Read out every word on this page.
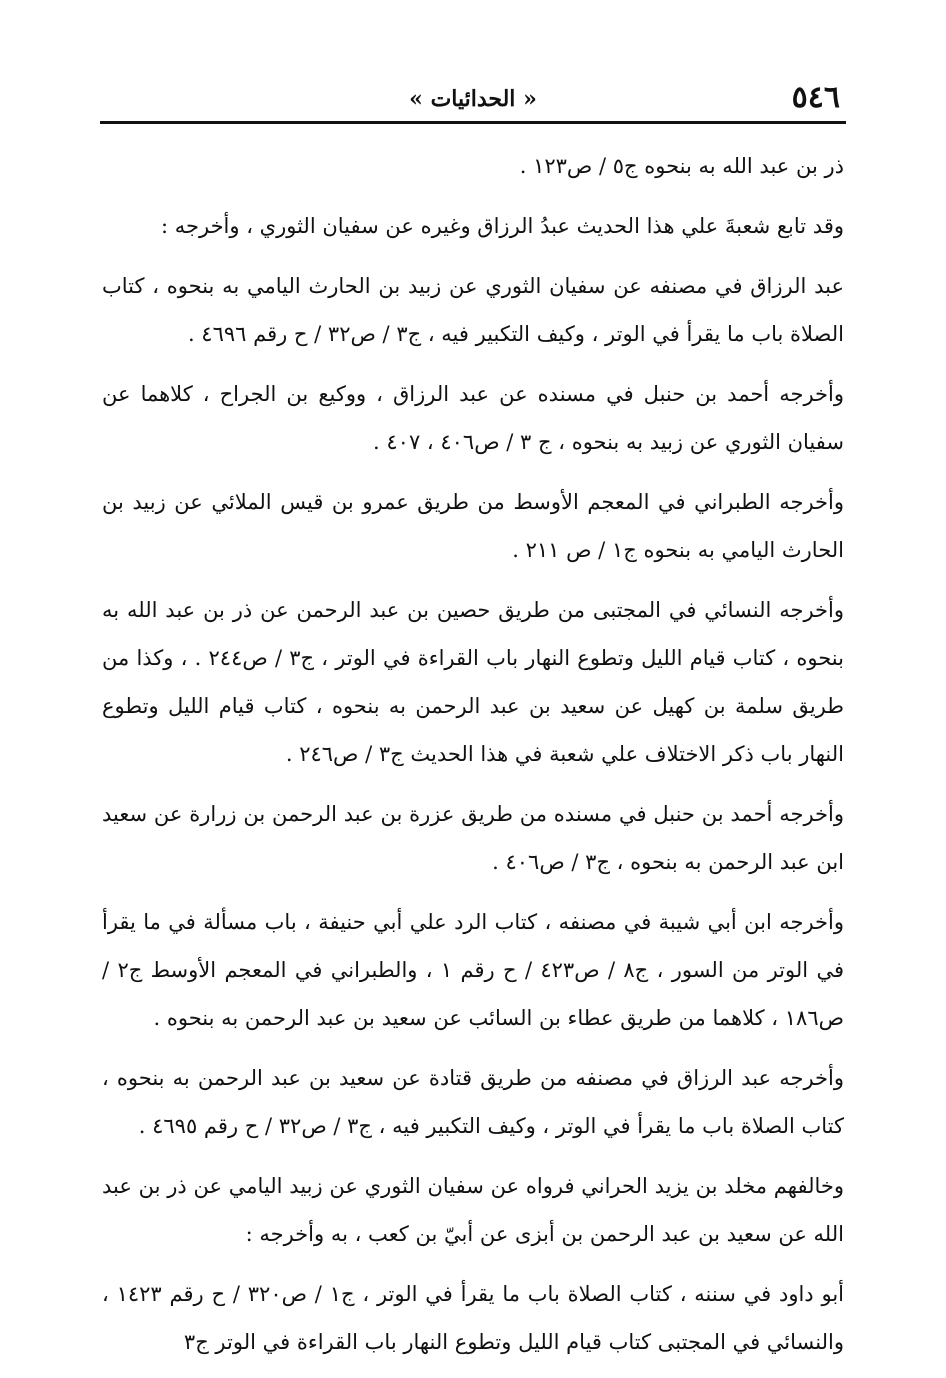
٥٤٦
« الحدائيات »

ذر بن عبد الله به بنحوه ج٥ / ص١٢٣ .

وقد تابع شعبةَ علي هذا الحديث عبدُ الرزاق وغيره عن سفيان الثوري ، وأخرجه :

عبد الرزاق في مصنفه عن سفيان الثوري عن زبيد بن الحارث اليامي به بنحوه ، كتاب الصلاة باب ما يقرأ في الوتر ، وكيف التكبير فيه ، ج٣ / ص٣٢ / ح رقم ٤٦٩٦ .

وأخرجه أحمد بن حنبل في مسنده عن عبد الرزاق ، ووكيع بن الجراح ، كلاهما عن سفيان الثوري عن زبيد به بنحوه ، ج ٣ / ص٤٠٦ ، ٤٠٧ .

وأخرجه الطبراني في المعجم الأوسط من طريق عمرو بن قيس الملائي عن زبيد بن الحارث اليامي به بنحوه ج١ / ص ٢١١ .

وأخرجه النسائي في المجتبى من طريق حصين بن عبد الرحمن عن ذر بن عبد الله به بنحوه ، كتاب قيام الليل وتطوع النهار باب القراءة في الوتر ، ج٣ / ص٢٤٤ . ، وكذا من طريق سلمة بن كهيل عن سعيد بن عبد الرحمن به بنحوه ، كتاب قيام الليل وتطوع النهار باب ذكر الاختلاف علي شعبة في هذا الحديث ج٣ / ص٢٤٦ .

وأخرجه أحمد بن حنبل في مسنده من طريق عزرة بن عبد الرحمن بن زرارة عن سعيد ابن عبد الرحمن به بنحوه ، ج٣ / ص٤٠٦ .

وأخرجه ابن أبي شيبة في مصنفه ، كتاب الرد علي أبي حنيفة ، باب مسألة في ما يقرأ في الوتر من السور ، ج٨ / ص٤٢٣ / ح رقم ١ ، والطبراني في المعجم الأوسط ج٢ / ص١٨٦ ، كلاهما من طريق عطاء بن السائب عن سعيد بن عبد الرحمن به بنحوه .

وأخرجه عبد الرزاق في مصنفه من طريق قتادة عن سعيد بن عبد الرحمن به بنحوه ، كتاب الصلاة باب ما يقرأ في الوتر ، وكيف التكبير فيه ، ج٣ / ص٣٢ / ح رقم ٤٦٩٥ .

وخالفهم مخلد بن يزيد الحراني فرواه عن سفيان الثوري عن زبيد اليامي عن ذر بن عبد الله عن سعيد بن عبد الرحمن بن أبزى عن أبيّ بن كعب ، به وأخرجه :

أبو داود في سننه ، كتاب الصلاة باب ما يقرأ في الوتر ، ج١ / ص٣٢٠ / ح رقم ١٤٢٣ ، والنسائي في المجتبى كتاب قيام الليل وتطوع النهار باب القراءة في الوتر ج٣
